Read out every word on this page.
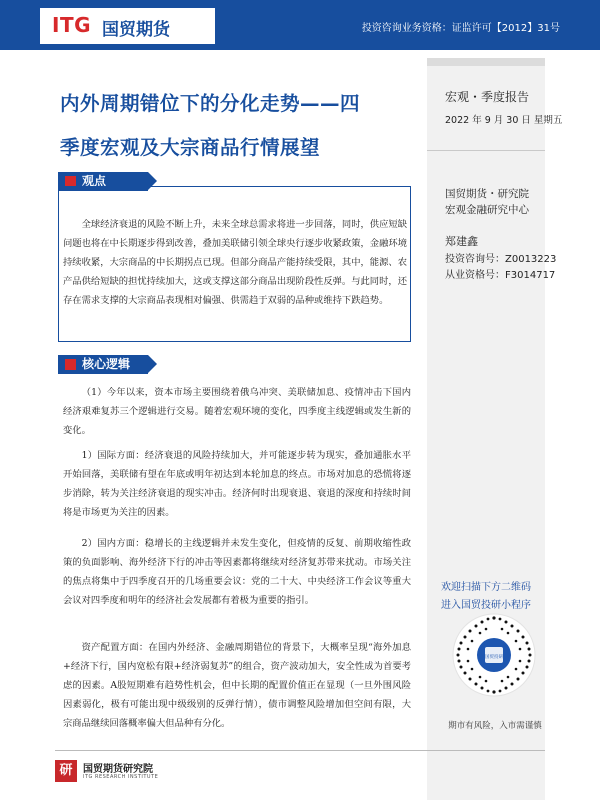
ITG 国贸期货	投资咨询业务资格：证监许可【2012】31号
宏观・季度报告
2022 年 9 月 30 日 星期五
国贸期货・研究院
宏观金融研究中心
郑建鑫
投资咨询号：Z0013223
从业资格号：F3014717
欢迎扫描下方二维码
进入国贸投研小程序
国贸投研
期市有风险，入市需谨慎
内外周期错位下的分化走势——四
季度宏观及大宗商品行情展望
观点
全球经济衰退的风险不断上升，未来全球总需求将进一步回落，同时，供应短缺问题也将在中长期逐步得到改善，叠加美联储引领全球央行逐步收紧政策，金融环境持续收紧，大宗商品的中长期拐点已现。但部分商品产能持续受限，其中，能源、农产品供给短缺的担忧持续加大，这或支撑这部分商品出现阶段性反弹。与此同时，还存在需求支撑的大宗商品表现相对偏强、供需趋于双弱的品种或维持下跌趋势。
核心逻辑
（1）今年以来，资本市场主要围绕着俄乌冲突、美联储加息、疫情冲击下国内经济艰难复苏三个逻辑进行交易。随着宏观环境的变化，四季度主线逻辑或发生新的变化。
1）国际方面：经济衰退的风险持续加大，并可能逐步转为现实，叠加通胀水平开始回落，美联储有望在年底或明年初达到本轮加息的终点。市场对加息的恐慌将逐步消除，转为关注经济衰退的现实冲击。经济何时出现衰退、衰退的深度和持续时间将是市场更为关注的因素。
2）国内方面：稳增长的主线逻辑并未发生变化，但疫情的反复、前期收缩性政策的负面影响、海外经济下行的冲击等因素都将继续对经济复苏带来扰动。市场关注的焦点将集中于四季度召开的几场重要会议：党的二十大、中央经济工作会议等重大会议对四季度和明年的经济社会发展都有着极为重要的指引。
资产配置方面：在国内外经济、金融周期错位的背景下，大概率呈现“海外加息+经济下行，国内宽松有限+经济弱复苏”的组合，资产波动加大，安全性成为首要考虑的因素。A股短期难有趋势性机会，但中长期的配置价值正在显现（一旦外围风险因素弱化，极有可能出现中级级别的反弹行情），债市调整风险增加但空间有限，大宗商品继续回落概率偏大但品种有分化。
研	国贸期货研究院
ITG RESEARCH INSTITUTE
